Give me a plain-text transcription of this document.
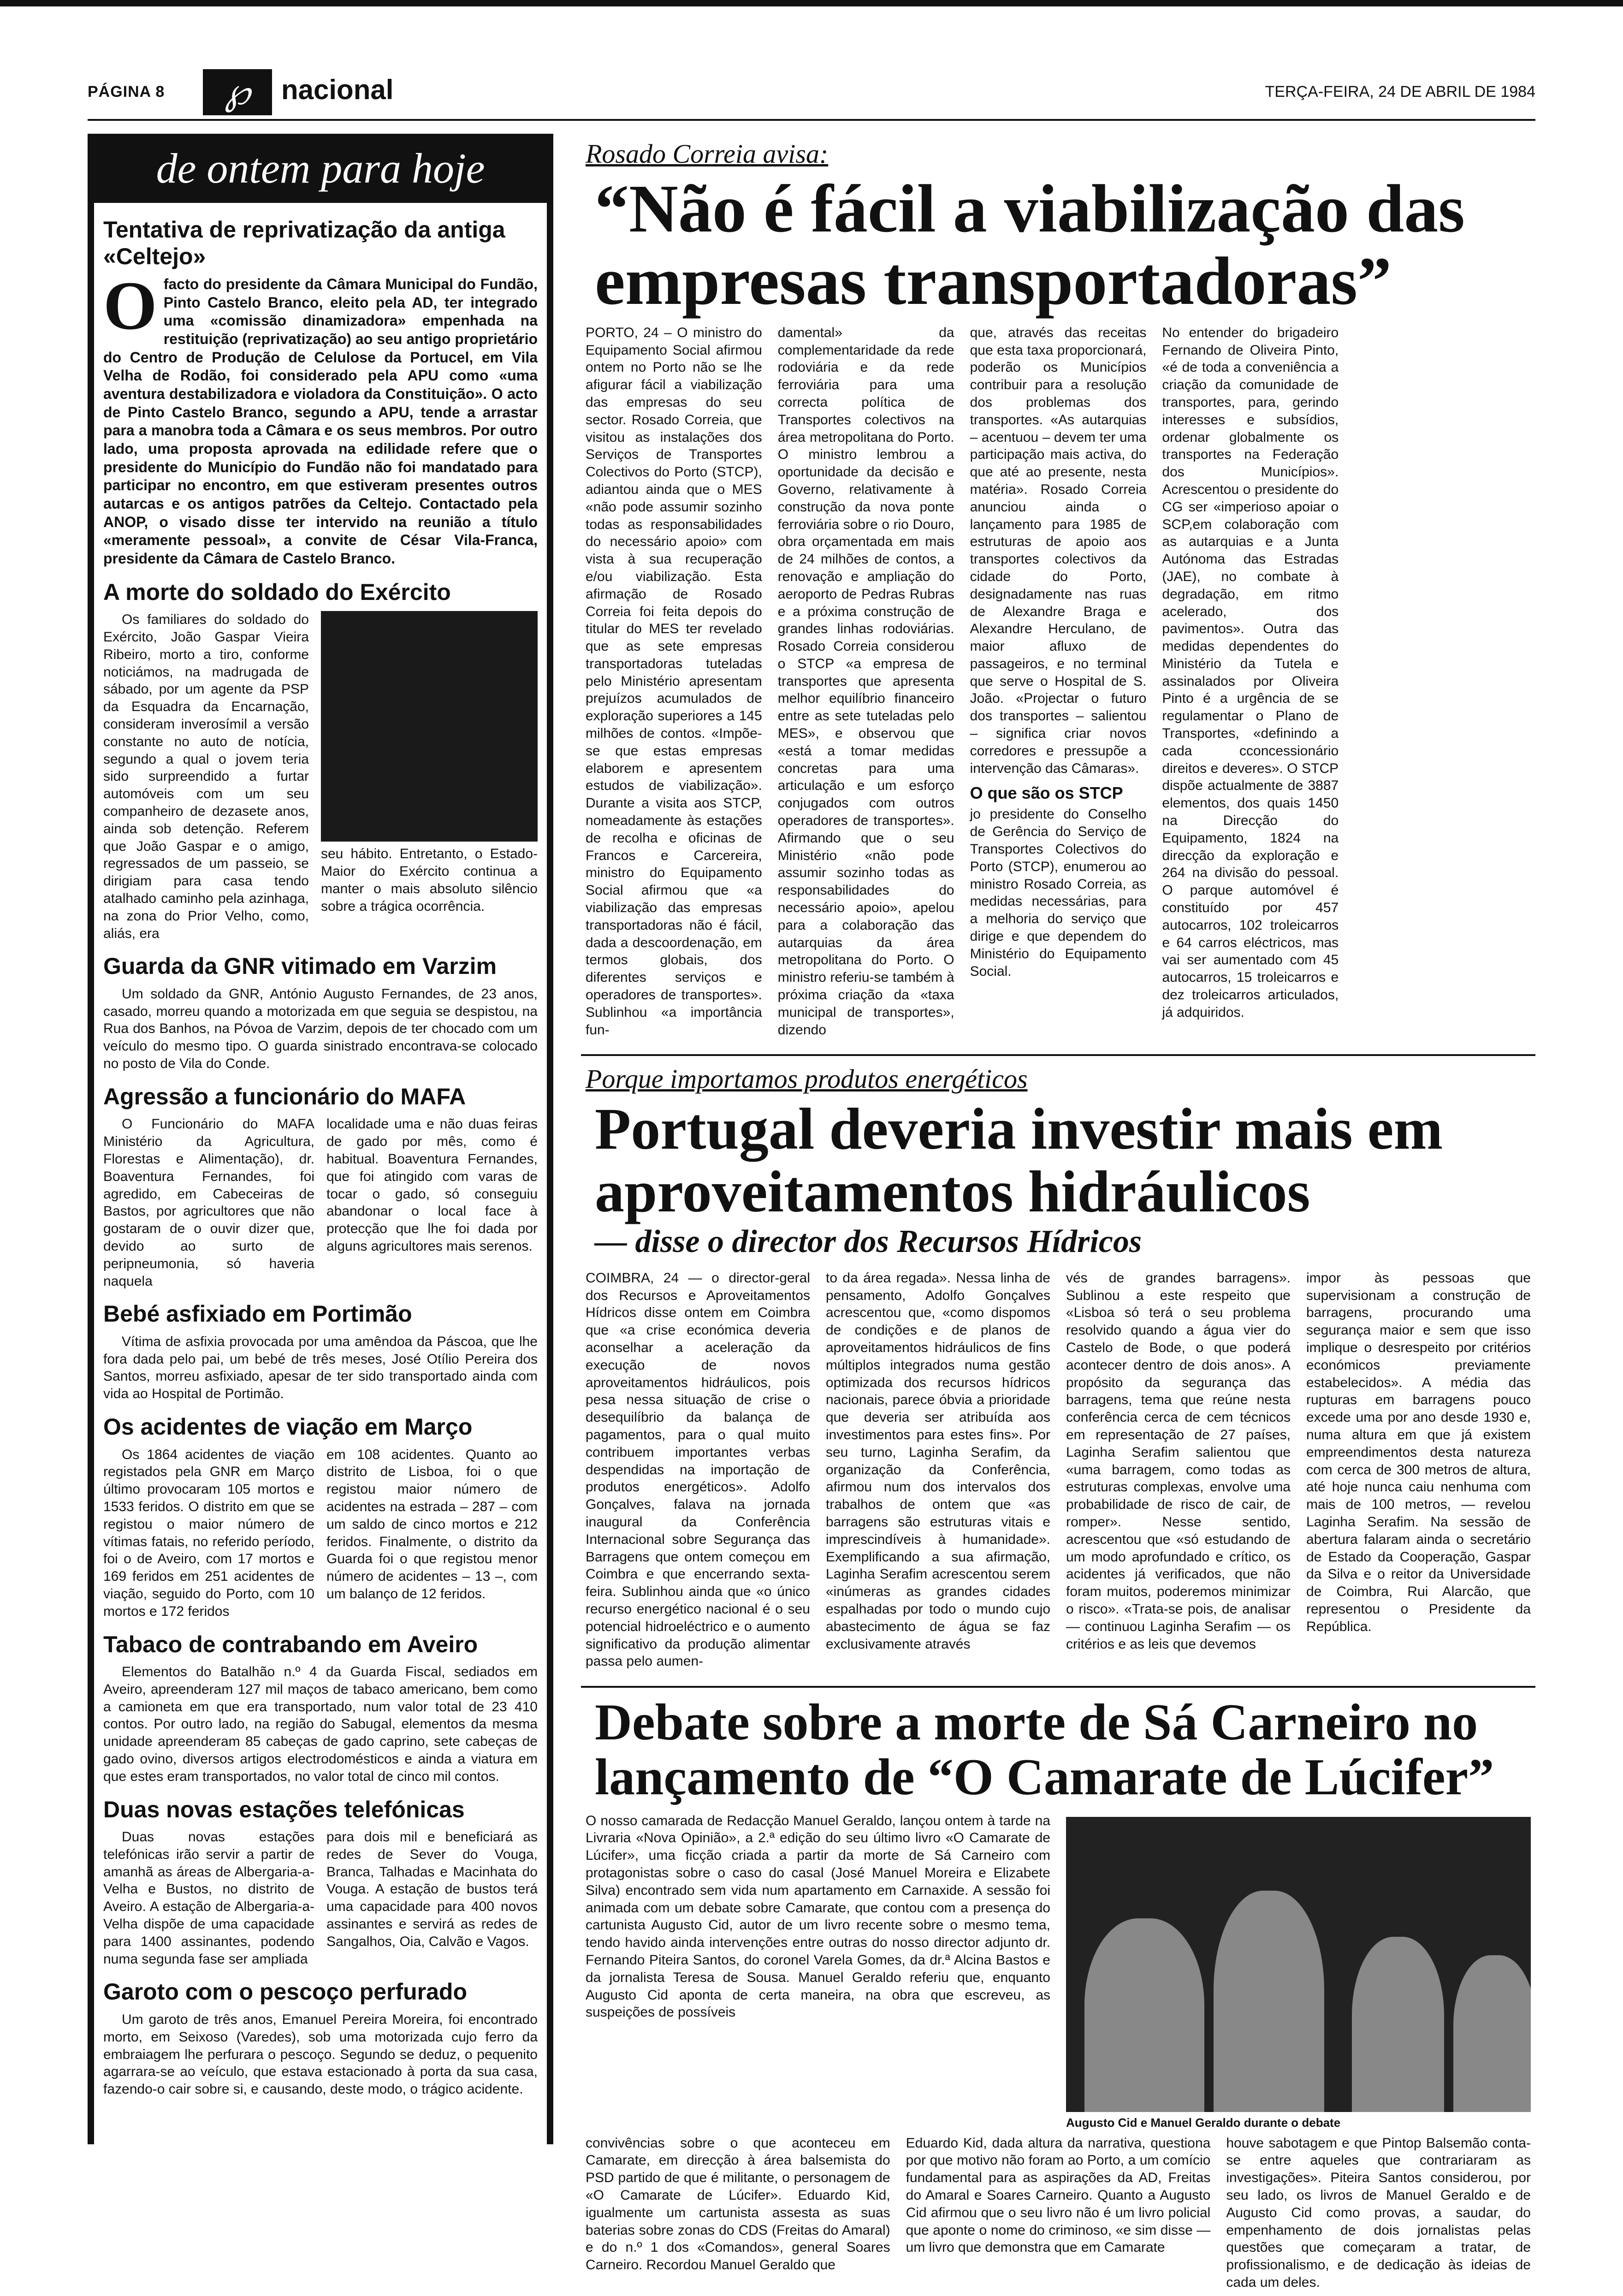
PÁGINA 8	℘	nacional	TERÇA-FEIRA, 24 DE ABRIL DE 1984
de ontem para hoje
Tentativa de reprivatização da antiga «Celtejo»

O facto do presidente da Câmara Municipal do Fundão, Pinto Castelo Branco, eleito pela AD, ter integrado uma «comissão dinamizadora» empenhada na restituição (reprivatização) ao seu antigo proprietário do Centro de Produção de Celulose da Portucel, em Vila Velha de Rodão, foi considerado pela APU como «uma aventura destabilizadora e violadora da Constituição». O acto de Pinto Castelo Branco, segundo a APU, tende a arrastar para a manobra toda a Câmara e os seus membros. Por outro lado, uma proposta aprovada na edilidade refere que o presidente do Município do Fundão não foi mandatado para participar no encontro, em que estiveram presentes outros autarcas e os antigos patrões da Celtejo. Contactado pela ANOP, o visado disse ter intervido na reunião a título «meramente pessoal», a convite de César Vila-Franca, presidente da Câmara de Castelo Branco.

A morte do soldado do Exército

Os familiares do soldado do Exército, João Gaspar Vieira Ribeiro, morto a tiro, conforme noticiámos, na madrugada de sábado, por um agente da PSP da Esquadra da Encarnação, consideram inverosímil a versão constante no auto de notícia, segundo a qual o jovem teria sido surpreendido a furtar automóveis com um seu companheiro de dezasete anos, ainda sob detenção. Referem que João Gaspar e o amigo, regressados de um passeio, se dirigiam para casa tendo atalhado caminho pela azinhaga, na zona do Prior Velho, como, aliás, era

seu hábito. Entretanto, o Estado-Maior do Exército continua a manter o mais absoluto silêncio sobre a trágica ocorrência.

Guarda da GNR vitimado em Varzim

Um soldado da GNR, António Augusto Fernandes, de 23 anos, casado, morreu quando a motorizada em que seguia se despistou, na Rua dos Banhos, na Póvoa de Varzim, depois de ter chocado com um veículo do mesmo tipo. O guarda sinistrado encontrava-se colocado no posto de Vila do Conde.

Agressão a funcionário do MAFA

O Funcionário do MAFA Ministério da Agricultura, Florestas e Alimentação), dr. Boaventura Fernandes, foi agredido, em Cabeceiras de Bastos, por agricultores que não gostaram de o ouvir dizer que, devido ao surto de peripneumonia, só haveria naquela

localidade uma e não duas feiras de gado por mês, como é habitual. Boaventura Fernandes, que foi atingido com varas de tocar o gado, só conseguiu abandonar o local face à protecção que lhe foi dada por alguns agricultores mais serenos.

Bebé asfixiado em Portimão

Vítima de asfixia provocada por uma amêndoa da Páscoa, que lhe fora dada pelo pai, um bebé de três meses, José Otílio Pereira dos Santos, morreu asfixiado, apesar de ter sido transportado ainda com vida ao Hospital de Portimão.

Os acidentes de viação em Março

Os 1864 acidentes de viação registados pela GNR em Março último provocaram 105 mortos e 1533 feridos. O distrito em que se registou o maior número de vítimas fatais, no referido período, foi o de Aveiro, com 17 mortos e 169 feridos em 251 acidentes de viação, seguido do Porto, com 10 mortos e 172 feridos

em 108 acidentes. Quanto ao distrito de Lisboa, foi o que registou maior número de acidentes na estrada – 287 – com um saldo de cinco mortos e 212 feridos. Finalmente, o distrito da Guarda foi o que registou menor número de acidentes – 13 –, com um balanço de 12 feridos.

Tabaco de contrabando em Aveiro

Elementos do Batalhão n.º 4 da Guarda Fiscal, sediados em Aveiro, apreenderam 127 mil maços de tabaco americano, bem como a camioneta em que era transportado, num valor total de 23 410 contos. Por outro lado, na região do Sabugal, elementos da mesma unidade apreenderam 85 cabeças de gado caprino, sete cabeças de gado ovino, diversos artigos electrodomésticos e ainda a viatura em que estes eram transportados, no valor total de cinco mil contos.

Duas novas estações telefónicas

Duas novas estações telefónicas irão servir a partir de amanhã as áreas de Albergaria-a-Velha e Bustos, no distrito de Aveiro. A estação de Albergaria-a-Velha dispõe de uma capacidade para 1400 assinantes, podendo numa segunda fase ser ampliada

para dois mil e beneficiará as redes de Sever do Vouga, Branca, Talhadas e Macinhata do Vouga. A estação de bustos terá uma capacidade para 400 novos assinantes e servirá as redes de Sangalhos, Oia, Calvão e Vagos.

Garoto com o pescoço perfurado

Um garoto de três anos, Emanuel Pereira Moreira, foi encontrado morto, em Seixoso (Varedes), sob uma motorizada cujo ferro da embraiagem lhe perfurara o pescoço. Segundo se deduz, o pequenito agarrara-se ao veículo, que estava estacionado à porta da sua casa, fazendo-o cair sobre si, e causando, deste modo, o trágico acidente.

Rosado Correia avisa:
“Não é fácil a viabilização das empresas transportadoras”

PORTO, 24 – O ministro do Equipamento Social afirmou ontem no Porto não se lhe afigurar fácil a viabilização das empresas do seu sector. Rosado Correia, que visitou as instalações dos Serviços de Transportes Colectivos do Porto (STCP), adiantou ainda que o MES «não pode assumir sozinho todas as responsabilidades do necessário apoio» com vista à sua recuperação e/ou viabilização. Esta afirmação de Rosado Correia foi feita depois do titular do MES ter revelado que as sete empresas transportadoras tuteladas pelo Ministério apresentam prejuízos acumulados de exploração superiores a 145 milhões de contos. «Impõe-se que estas empresas elaborem e apresentem estudos de viabilização». Durante a visita aos STCP, nomeadamente às estações de recolha e oficinas de Francos e Carcereira, ministro do Equipamento Social afirmou que «a viabilização das empresas transportadoras não é fácil, dada a descoordenação, em termos globais, dos diferentes serviços e operadores de transportes». Sublinhou «a importância fun-

damental» da complementaridade da rede rodoviária e da rede ferroviária para uma correcta política de Transportes colectivos na área metropolitana do Porto. O ministro lembrou a oportunidade da decisão e Governo, relativamente à construção da nova ponte ferroviária sobre o rio Douro, obra orçamentada em mais de 24 milhões de contos, a renovação e ampliação do aeroporto de Pedras Rubras e a próxima construção de grandes linhas rodoviárias. Rosado Correia considerou o STCP «a empresa de transportes que apresenta melhor equilíbrio financeiro entre as sete tuteladas pelo MES», e observou que «está a tomar medidas concretas para uma articulação e um esforço conjugados com outros operadores de transportes». Afirmando que o seu Ministério «não pode assumir sozinho todas as responsabilidades do necessário apoio», apelou para a colaboração das autarquias da área metropolitana do Porto. O ministro referiu-se também à próxima criação da «taxa municipal de transportes», dizendo

que, através das receitas que esta taxa proporcionará, poderão os Municípios contribuir para a resolução dos problemas dos transportes. «As autarquias – acentuou – devem ter uma participação mais activa, do que até ao presente, nesta matéria». Rosado Correia anunciou ainda o lançamento para 1985 de estruturas de apoio aos transportes colectivos da cidade do Porto, designadamente nas ruas de Alexandre Braga e Alexandre Herculano, de maior afluxo de passageiros, e no terminal que serve o Hospital de S. João. «Projectar o futuro dos transportes – salientou – significa criar novos corredores e pressupõe a intervenção das Câmaras».

O que são os STCP

jo presidente do Conselho de Gerência do Serviço de Transportes Colectivos do Porto (STCP), enumerou ao ministro Rosado Correia, as medidas necessárias, para a melhoria do serviço que dirige e que dependem do Ministério do Equipamento Social.

No entender do brigadeiro Fernando de Oliveira Pinto, «é de toda a conveniência a criação da comunidade de transportes, para, gerindo interesses e subsídios, ordenar globalmente os transportes na Federação dos Municípios». Acrescentou o presidente do CG ser «imperioso apoiar o SCP,em colaboração com as autarquias e a Junta Autónoma das Estradas (JAE), no combate à degradação, em ritmo acelerado, dos pavimentos». Outra das medidas dependentes do Ministério da Tutela e assinalados por Oliveira Pinto é a urgência de se regulamentar o Plano de Transportes, «definindo a cada cconcessionário direitos e deveres». O STCP dispõe actualmente de 3887 elementos, dos quais 1450 na Direcção do Equipamento, 1824 na direcção da exploração e 264 na divisão do pessoal. O parque automóvel é constituído por 457 autocarros, 102 troleicarros e 64 carros eléctricos, mas vai ser aumentado com 45 autocarros, 15 troleicarros e dez troleicarros articulados, já adquiridos.

Porque importamos produtos energéticos
Portugal deveria investir mais em aproveitamentos hidráulicos
— disse o director dos Recursos Hídricos

COIMBRA, 24 — o director-geral dos Recursos e Aproveitamentos Hídricos disse ontem em Coimbra que «a crise económica deveria aconselhar a aceleração da execução de novos aproveitamentos hidráulicos, pois pesa nessa situação de crise o desequilíbrio da balança de pagamentos, para o qual muito contribuem importantes verbas despendidas na importação de produtos energéticos». Adolfo Gonçalves, falava na jornada inaugural da Conferência Internacional sobre Segurança das Barragens que ontem começou em Coimbra e que encerrando sexta-feira. Sublinhou ainda que «o único recurso energético nacional é o seu potencial hidroeléctrico e o aumento significativo da produção alimentar passa pelo aumen-

to da área regada». Nessa linha de pensamento, Adolfo Gonçalves acrescentou que, «como dispomos de condições e de planos de aproveitamentos hidráulicos de fins múltiplos integrados numa gestão optimizada dos recursos hídricos nacionais, parece óbvia a prioridade que deveria ser atribuída aos investimentos para estes fins». Por seu turno, Laginha Serafim, da organização da Conferência, afirmou num dos intervalos dos trabalhos de ontem que «as barragens são estruturas vitais e imprescindíveis à humanidade». Exemplificando a sua afirmação, Laginha Serafim acrescentou serem «inúmeras as grandes cidades espalhadas por todo o mundo cujo abastecimento de água se faz exclusivamente através

vés de grandes barragens». Sublinou a este respeito que «Lisboa só terá o seu problema resolvido quando a água vier do Castelo de Bode, o que poderá acontecer dentro de dois anos». A propósito da segurança das barragens, tema que reúne nesta conferência cerca de cem técnicos em representação de 27 países, Laginha Serafim salientou que «uma barragem, como todas as estruturas complexas, envolve uma probabilidade de risco de cair, de romper». Nesse sentido, acrescentou que «só estudando de um modo aprofundado e crítico, os acidentes já verificados, que não foram muitos, poderemos minimizar o risco». «Trata-se pois, de analisar — continuou Laginha Serafim — os critérios e as leis que devemos

impor às pessoas que supervisionam a construção de barragens, procurando uma segurança maior e sem que isso implique o desrespeito por critérios económicos previamente estabelecidos». A média das rupturas em barragens pouco excede uma por ano desde 1930 e, numa altura em que já existem empreendimentos desta natureza com cerca de 300 metros de altura, até hoje nunca caiu nenhuma com mais de 100 metros, — revelou Laginha Serafim. Na sessão de abertura falaram ainda o secretário de Estado da Cooperação, Gaspar da Silva e o reitor da Universidade de Coimbra, Rui Alarcão, que representou o Presidente da República.

Debate sobre a morte de Sá Carneiro no lançamento de “O Camarate de Lúcifer”

O nosso camarada de Redacção Manuel Geraldo, lançou ontem à tarde na Livraria «Nova Opinião», a 2.ª edição do seu último livro «O Camarate de Lúcifer», uma ficção criada a partir da morte de Sá Carneiro com protagonistas sobre o caso do casal (José Manuel Moreira e Elizabete Silva) encontrado sem vida num apartamento em Carnaxide. A sessão foi animada com um debate sobre Camarate, que contou com a presença do cartunista Augusto Cid, autor de um livro recente sobre o mesmo tema, tendo havido ainda intervenções entre outras do nosso director adjunto dr. Fernando Piteira Santos, do coronel Varela Gomes, da dr.ª Alcina Bastos e da jornalista Teresa de Sousa. Manuel Geraldo referiu que, enquanto Augusto Cid aponta de certa maneira, na obra que escreveu, as suspeições de possíveis

Augusto Cid e Manuel Geraldo durante o debate

convivências sobre o que aconteceu em Camarate, em direcção à área balsemista do PSD partido de que é militante, o personagem de «O Camarate de Lúcifer». Eduardo Kid, igualmente um cartunista assesta as suas baterias sobre zonas do CDS (Freitas do Amaral) e do n.º 1 dos «Comandos», general Soares Carneiro. Recordou Manuel Geraldo que

Eduardo Kid, dada altura da narrativa, questiona por que motivo não foram ao Porto, a um comício fundamental para as aspirações da AD, Freitas do Amaral e Soares Carneiro. Quanto a Augusto Cid afirmou que o seu livro não é um livro policial que aponte o nome do criminoso, «e sim disse — um livro que demonstra que em Camarate

houve sabotagem e que Pintop Balsemão conta-se entre aqueles que contrariaram as investigações». Piteira Santos considerou, por seu lado, os livros de Manuel Geraldo e de Augusto Cid como provas, a saudar, do empenhamento de dois jornalistas pelas questões que começaram a tratar, de profissionalismo, e de dedicação às ideias de cada um deles.
